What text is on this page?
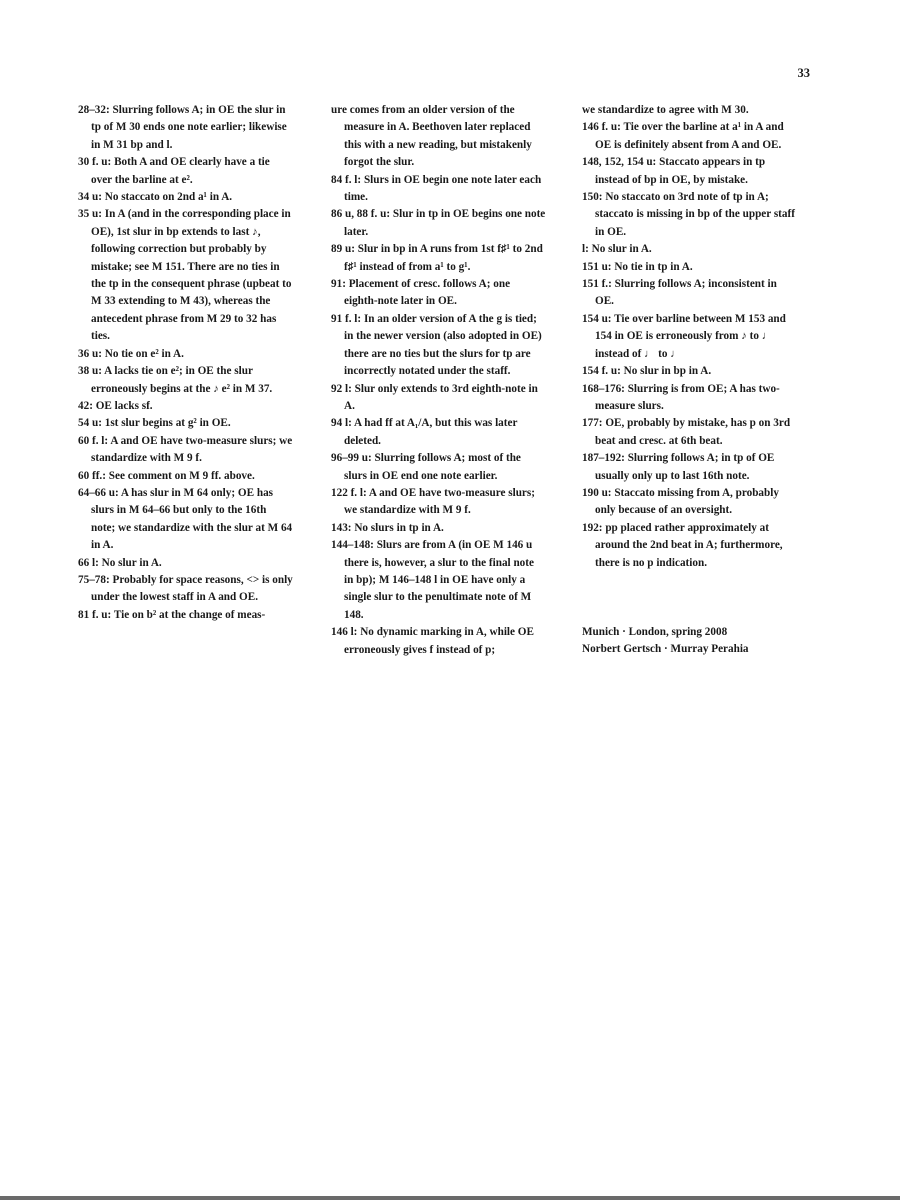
33

28–32: Slurring follows A; in OE the slur in tp of M 30 ends one note earlier; likewise in M 31 bp and l.

30 f. u: Both A and OE clearly have a tie over the barline at e².

34 u: No staccato on 2nd a¹ in A.

35 u: In A (and in the corresponding place in OE), 1st slur in bp extends to last ♪, following correction but probably by mistake; see M 151. There are no ties in the tp in the consequent phrase (upbeat to M 33 extending to M 43), whereas the antecedent phrase from M 29 to 32 has ties.

36 u: No tie on e² in A.

38 u: A lacks tie on e²; in OE the slur erroneously begins at the ♪ e² in M 37.

42: OE lacks sf.

54 u: 1st slur begins at g² in OE.

60 f. l: A and OE have two-measure slurs; we standardize with M 9 f.

60 ff.: See comment on M 9 ff. above.

64–66 u: A has slur in M 64 only; OE has slurs in M 64–66 but only to the 16th note; we standardize with the slur at M 64 in A.

66 l: No slur in A.

75–78: Probably for space reasons, <> is only under the lowest staff in A and OE.

81 f. u: Tie on b² at the change of meas-

ure comes from an older version of the measure in A. Beethoven later replaced this with a new reading, but mistakenly forgot the slur.

84 f. l: Slurs in OE begin one note later each time.

86 u, 88 f. u: Slur in tp in OE begins one note later.

89 u: Slur in bp in A runs from 1st f♯¹ to 2nd f♯¹ instead of from a¹ to g¹.

91: Placement of cresc. follows A; one eighth-note later in OE.

91 f. l: In an older version of A the g is tied; in the newer version (also adopted in OE) there are no ties but the slurs for tp are incorrectly notated under the staff.

92 l: Slur only extends to 3rd eighth-note in A.

94 l: A had ff at A₁/A, but this was later deleted.

96–99 u: Slurring follows A; most of the slurs in OE end one note earlier.

122 f. l: A and OE have two-measure slurs; we standardize with M 9 f.

143: No slurs in tp in A.

144–148: Slurs are from A (in OE M 146 u there is, however, a slur to the final note in bp); M 146–148 l in OE have only a single slur to the penultimate note of M 148.

146 l: No dynamic marking in A, while OE erroneously gives f instead of p;

we standardize to agree with M 30.

146 f. u: Tie over the barline at a¹ in A and OE is definitely absent from A and OE.

148, 152, 154 u: Staccato appears in tp instead of bp in OE, by mistake.

150: No staccato on 3rd note of tp in A; staccato is missing in bp of the upper staff in OE.

l: No slur in A.

151 u: No tie in tp in A.

151 f.: Slurring follows A; inconsistent in OE.

154 u: Tie over barline between M 153 and 154 in OE is erroneously from ♪ to ♩ instead of ♩ to ♩

154 f. u: No slur in bp in A.

168–176: Slurring is from OE; A has two-measure slurs.

177: OE, probably by mistake, has p on 3rd beat and cresc. at 6th beat.

187–192: Slurring follows A; in tp of OE usually only up to last 16th note.

190 u: Staccato missing from A, probably only because of an oversight.

192: pp placed rather approximately at around the 2nd beat in A; furthermore, there is no p indication.

Munich · London, spring 2008
Norbert Gertsch · Murray Perahia
